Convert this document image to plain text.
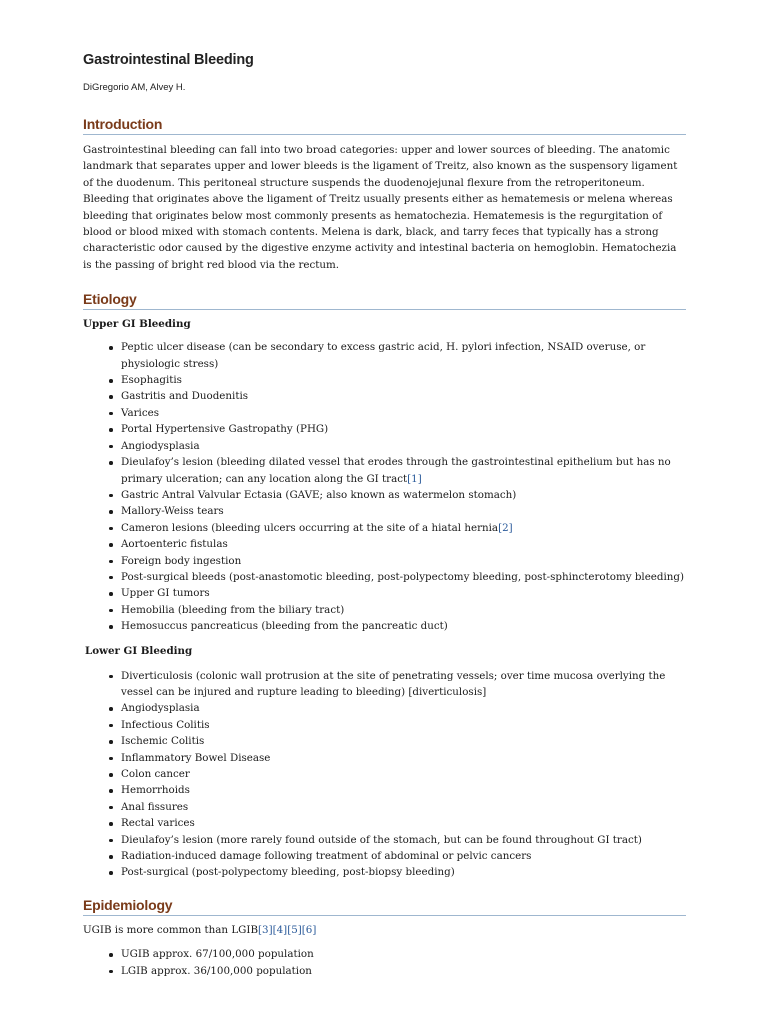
Gastrointestinal Bleeding

DiGregorio AM, Alvey H.

Introduction

Gastrointestinal bleeding can fall into two broad categories: upper and lower sources of bleeding. The anatomic landmark that separates upper and lower bleeds is the ligament of Treitz, also known as the suspensory ligament of the duodenum. This peritoneal structure suspends the duodenojejunal flexure from the retroperitoneum. Bleeding that originates above the ligament of Treitz usually presents either as hematemesis or melena whereas bleeding that originates below most commonly presents as hematochezia. Hematemesis is the regurgitation of blood or blood mixed with stomach contents. Melena is dark, black, and tarry feces that typically has a strong characteristic odor caused by the digestive enzyme activity and intestinal bacteria on hemoglobin. Hematochezia is the passing of bright red blood via the rectum.

Etiology

Upper GI Bleeding

Peptic ulcer disease (can be secondary to excess gastric acid, H. pylori infection, NSAID overuse, or physiologic stress)
Esophagitis
Gastritis and Duodenitis
Varices
Portal Hypertensive Gastropathy (PHG)
Angiodysplasia
Dieulafoy’s lesion (bleeding dilated vessel that erodes through the gastrointestinal epithelium but has no primary ulceration; can any location along the GI tract[1]
Gastric Antral Valvular Ectasia (GAVE; also known as watermelon stomach)
Mallory-Weiss tears
Cameron lesions (bleeding ulcers occurring at the site of a hiatal hernia[2]
Aortoenteric fistulas
Foreign body ingestion
Post-surgical bleeds (post-anastomotic bleeding, post-polypectomy bleeding, post-sphincterotomy bleeding)
Upper GI tumors
Hemobilia (bleeding from the biliary tract)
Hemosuccus pancreaticus (bleeding from the pancreatic duct)

Lower GI Bleeding

Diverticulosis (colonic wall protrusion at the site of penetrating vessels; over time mucosa overlying the vessel can be injured and rupture leading to bleeding) [diverticulosis]
Angiodysplasia
Infectious Colitis
Ischemic Colitis
Inflammatory Bowel Disease
Colon cancer
Hemorrhoids
Anal fissures
Rectal varices
Dieulafoy’s lesion (more rarely found outside of the stomach, but can be found throughout GI tract)
Radiation-induced damage following treatment of abdominal or pelvic cancers
Post-surgical (post-polypectomy bleeding, post-biopsy bleeding)
Epidemiology

UGIB is more common than LGIB[3][4][5][6]

UGIB approx. 67/100,000 population
LGIB approx. 36/100,000 population
